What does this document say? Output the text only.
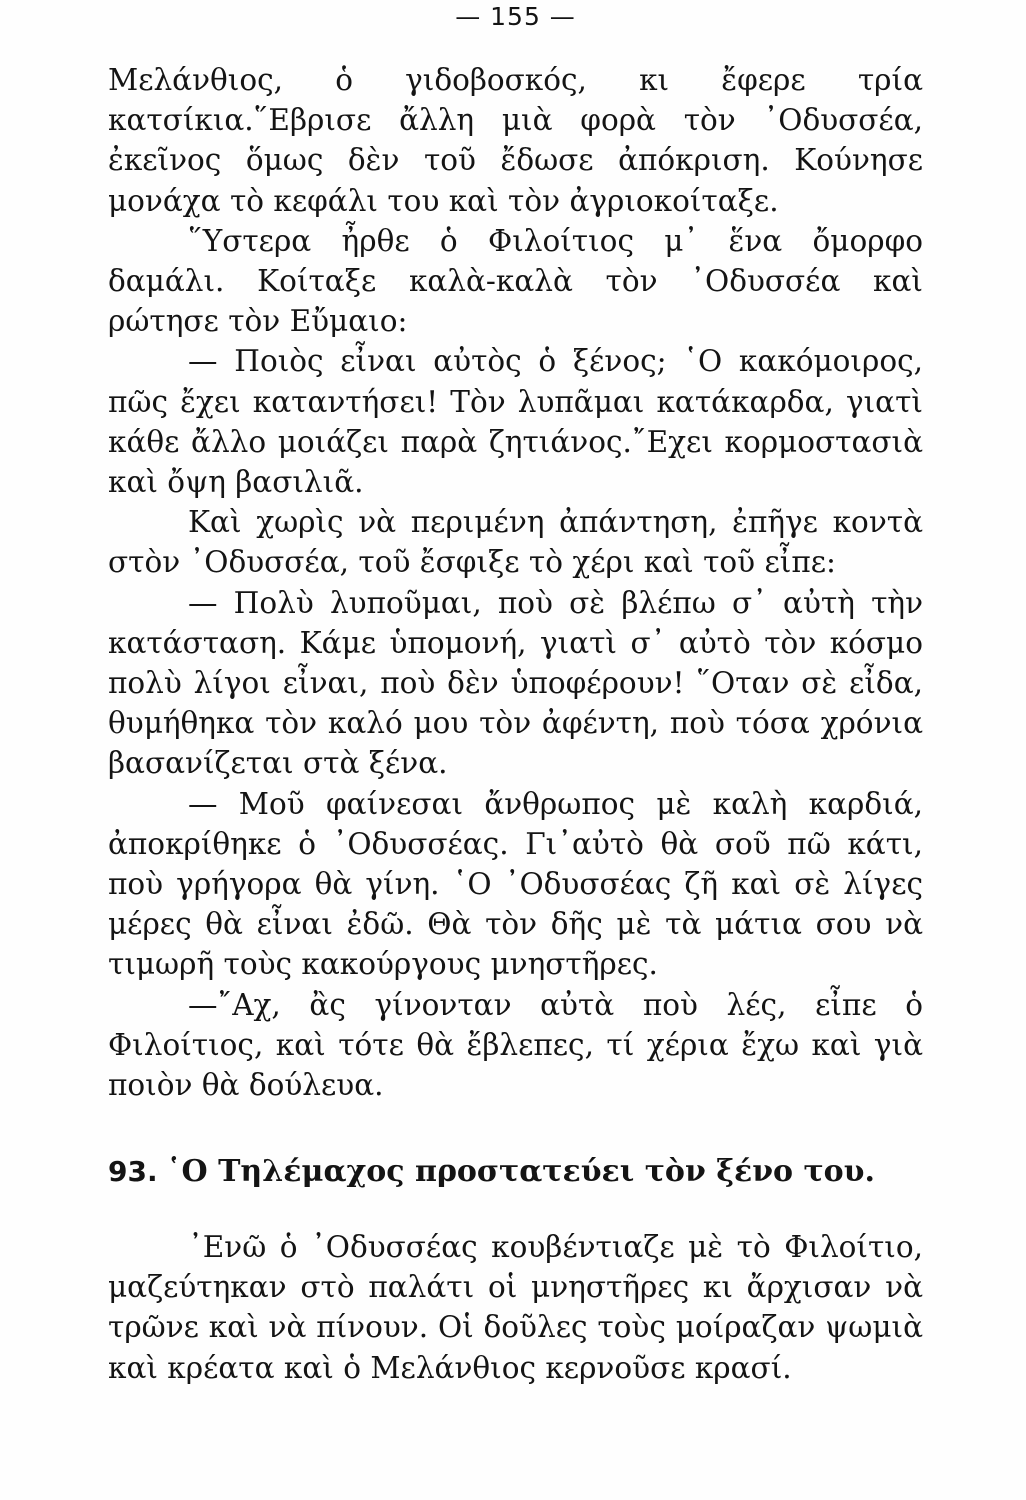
— 155 —

Μελάνθιος, ὁ γιδοβοσκός, κι ἔφερε τρία κατσίκια.῞Εβρισε ἄλλη μιὰ φορὰ τὸν ᾿Οδυσσέα, ἐκεῖνος ὅμως δὲν τοῦ ἔδωσε ἀπόκριση. Κούνησε μονάχα τὸ κεφάλι του καὶ τὸν ἀγριοκοίταξε.

῞Υστερα ἦρθε ὁ Φιλοίτιος μ᾿ ἕνα ὄμορφο δαμάλι. Κοίταξε καλὰ-καλὰ τὸν ᾿Οδυσσέα καὶ ρώτησε τὸν Εὔμαιο:

— Ποιὸς εἶναι αὐτὸς ὁ ξένος; ῾Ο κακόμοιρος, πῶς ἔχει καταντήσει! Τὸν λυπᾶμαι κατάκαρδα, γιατὶ κάθε ἄλλο μοιάζει παρὰ ζητιάνος.῎Εχει κορμοστασιὰ καὶ ὄψη βασιλιᾶ.

Καὶ χωρὶς νὰ περιμένη ἀπάντηση, ἐπῆγε κοντὰ στὸν ᾿Οδυσσέα, τοῦ ἔσφιξε τὸ χέρι καὶ τοῦ εἶπε:

— Πολὺ λυποῦμαι, ποὺ σὲ βλέπω σ᾿ αὐτὴ τὴν κατάσταση. Κάμε ὑπομονή, γιατὶ σ᾿ αὐτὸ τὸν κόσμο πολὺ λίγοι εἶναι, ποὺ δὲν ὑποφέρουν! ῞Οταν σὲ εἶδα, θυμήθηκα τὸν καλό μου τὸν ἀφέντη, ποὺ τόσα χρόνια βασανίζεται στὰ ξένα.

— Μοῦ φαίνεσαι ἄνθρωπος μὲ καλὴ καρδιά, ἀποκρίθηκε ὁ ᾿Οδυσσέας. Γι᾿αὐτὸ θὰ σοῦ πῶ κάτι, ποὺ γρήγορα θὰ γίνη. ῾Ο ᾿Οδυσσέας ζῆ καὶ σὲ λίγες μέρες θὰ εἶναι ἐδῶ. Θὰ τὸν δῆς μὲ τὰ μάτια σου νὰ τιμωρῆ τοὺς κακούργους μνηστῆρες.

—῎Αχ, ἂς γίνονταν αὐτὰ ποὺ λές, εἶπε ὁ Φιλοίτιος, καὶ τότε θὰ ἔβλεπες, τί χέρια ἔχω καὶ γιὰ ποιὸν θὰ δούλευα.

93. ῾Ο Τηλέμαχος προστατεύει τὸν ξένο του.

᾿Ενῶ ὁ ᾿Οδυσσέας κουβέντιαζε μὲ τὸ Φιλοίτιο, μαζεύτηκαν στὸ παλάτι οἱ μνηστῆρες κι ἄρχισαν νὰ τρῶνε καὶ νὰ πίνουν. Οἱ δοῦλες τοὺς μοίραζαν ψωμιὰ καὶ κρέατα καὶ ὁ Μελάνθιος κερνοῦσε κρασί.
